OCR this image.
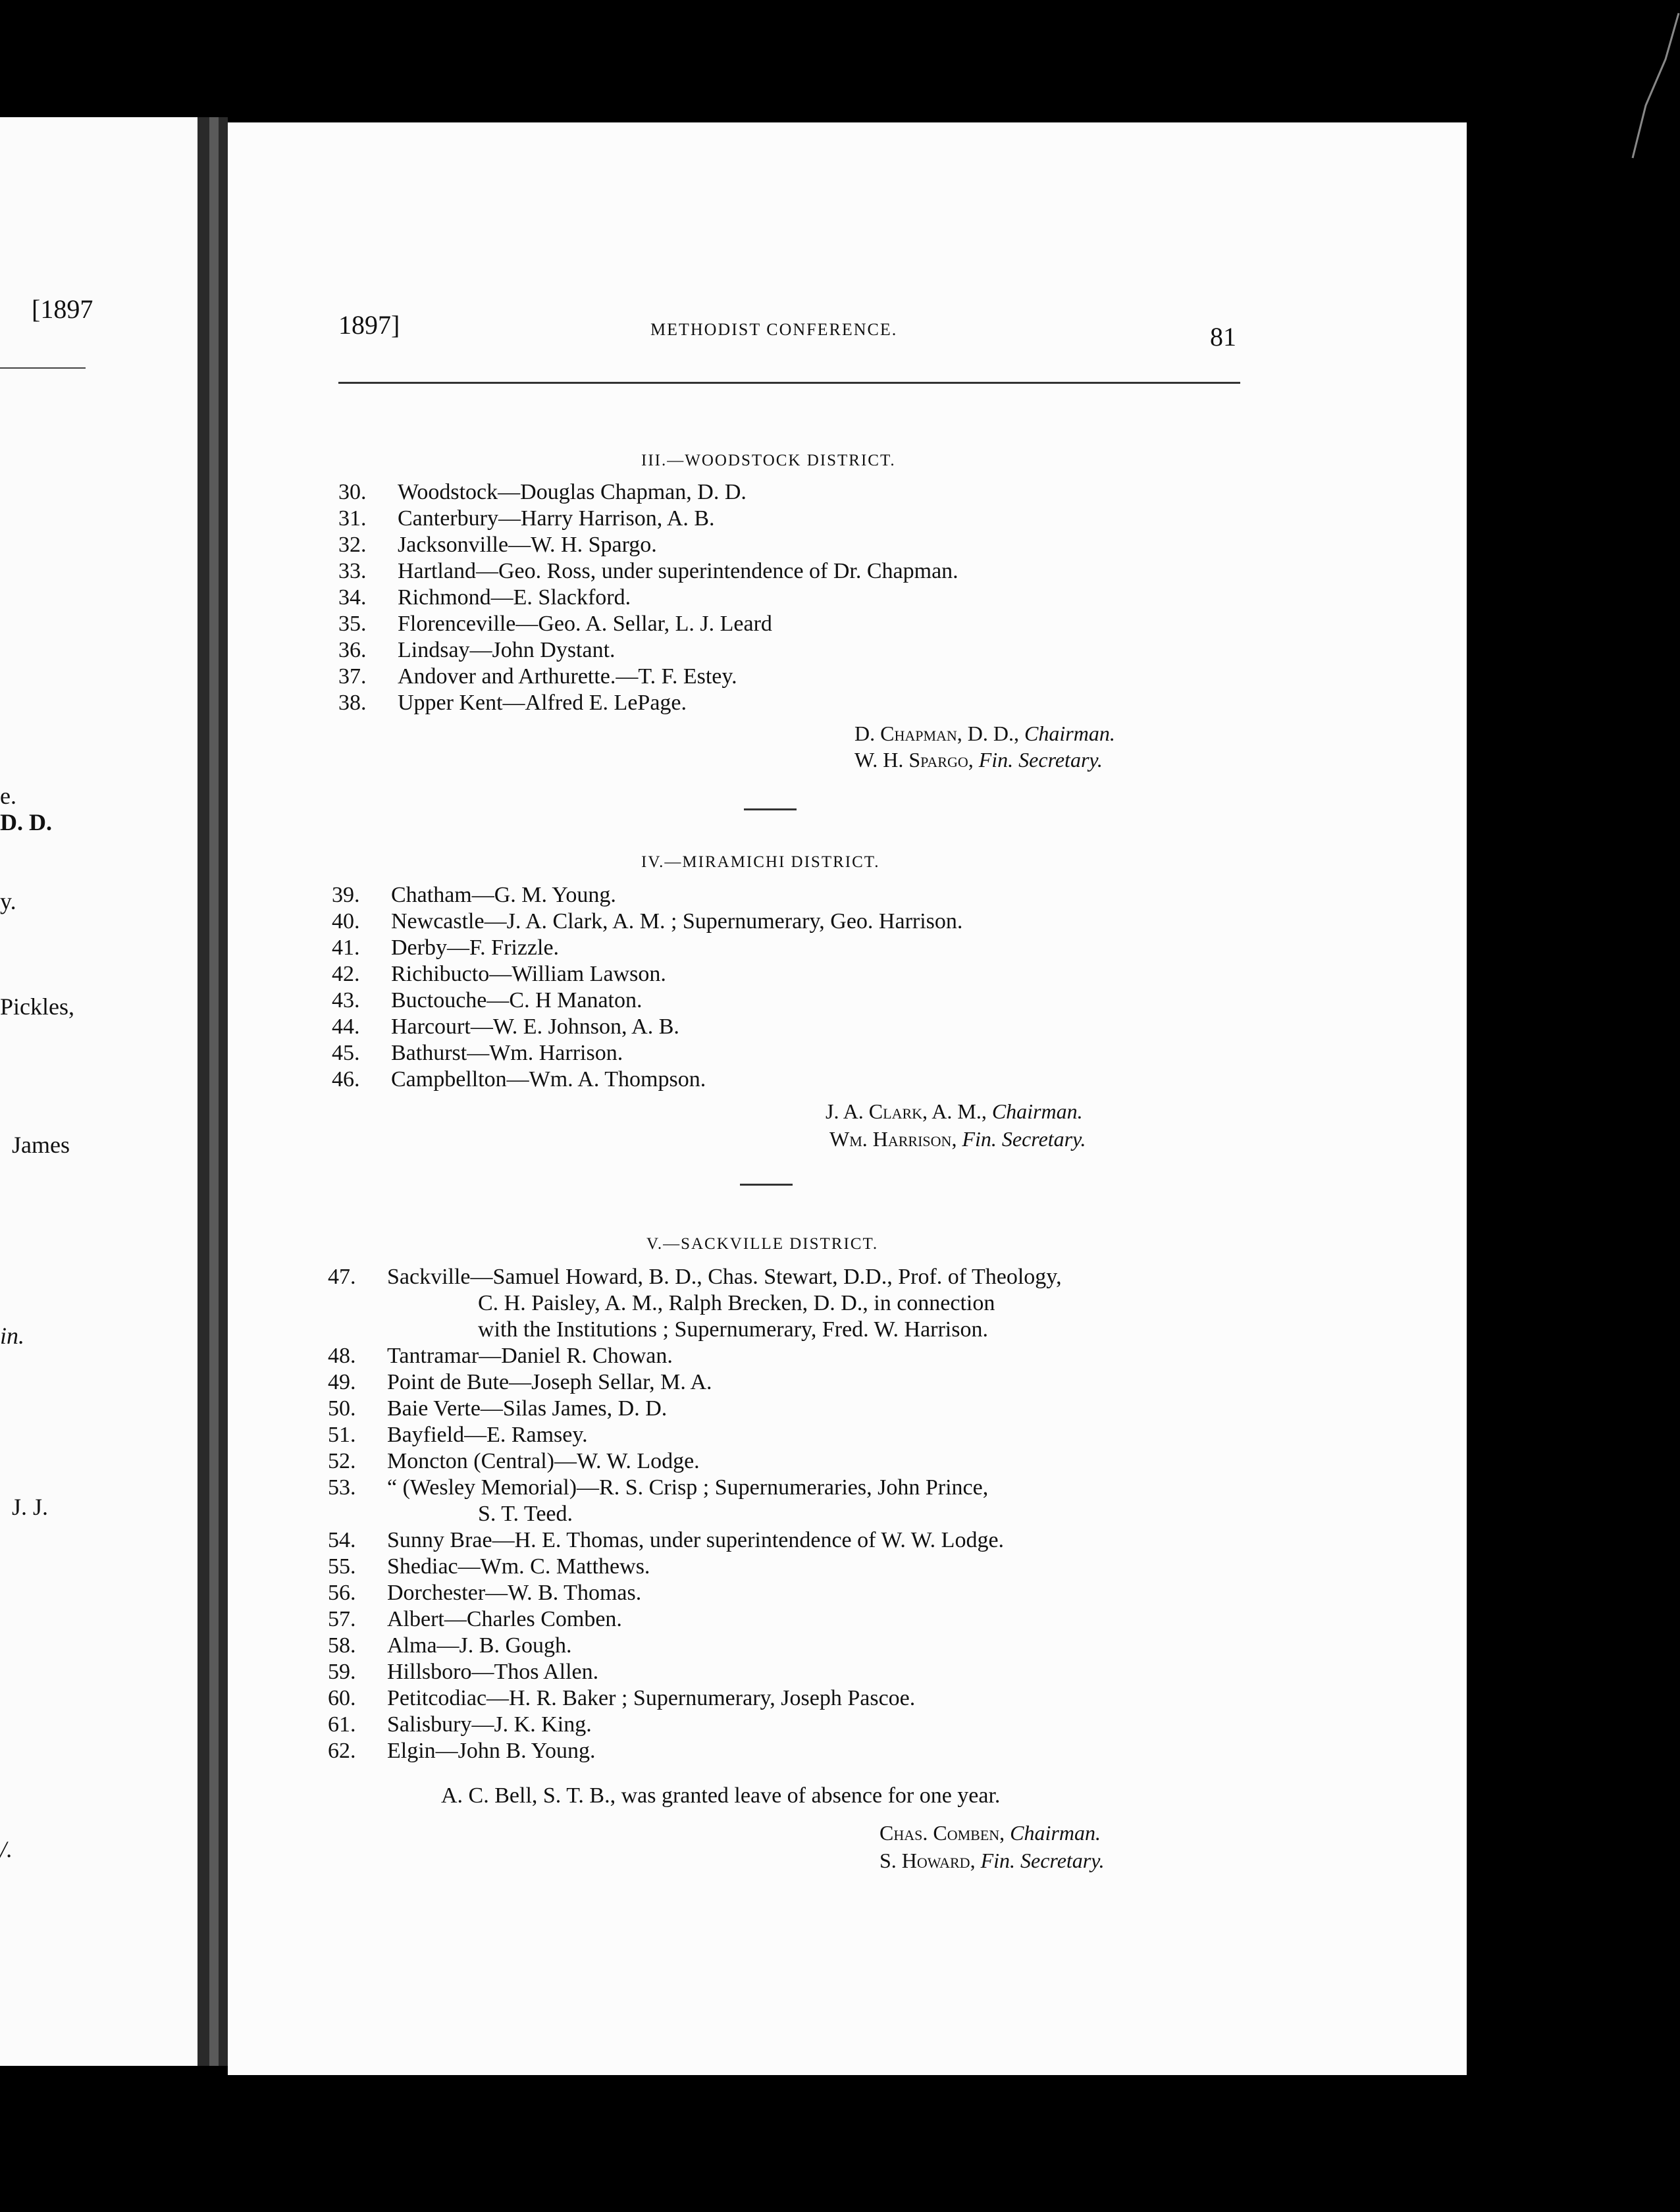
[1897
e.
D. D.
y.
Pickles,
James
in.
J. J.
/.
1897]	METHODIST CONFERENCE.	81
III.—WOODSTOCK DISTRICT.
30. Woodstock—Douglas Chapman, D. D.
31. Canterbury—Harry Harrison, A. B.
32. Jacksonville—W. H. Spargo.
33. Hartland—Geo. Ross, under superintendence of Dr. Chapman.
34. Richmond—E. Slackford.
35. Florenceville—Geo. A. Sellar, L. J. Leard
36. Lindsay—John Dystant.
37. Andover and Arthurette.—T. F. Estey.
38. Upper Kent—Alfred E. LePage.
D. Chapman, D. D., Chairman.
W. H. Spargo, Fin. Secretary.
IV.—MIRAMICHI DISTRICT.
39. Chatham—G. M. Young.
40. Newcastle—J. A. Clark, A. M. ; Supernumerary, Geo. Harrison.
41. Derby—F. Frizzle.
42. Richibucto—William Lawson.
43. Buctouche—C. H Manaton.
44. Harcourt—W. E. Johnson, A. B.
45. Bathurst—Wm. Harrison.
46. Campbellton—Wm. A. Thompson.
J. A. Clark, A. M., Chairman.
Wm. Harrison, Fin. Secretary.
V.—SACKVILLE DISTRICT.
47. Sackville—Samuel Howard, B. D., Chas. Stewart, D.D., Prof. of Theology,
C. H. Paisley, A. M., Ralph Brecken, D. D., in connection
with the Institutions ; Supernumerary, Fred. W. Harrison.
48. Tantramar—Daniel R. Chowan.
49. Point de Bute—Joseph Sellar, M. A.
50. Baie Verte—Silas James, D. D.
51. Bayfield—E. Ramsey.
52. Moncton (Central)—W. W. Lodge.
53. “ (Wesley Memorial)—R. S. Crisp ; Supernumeraries, John Prince,
S. T. Teed.
54. Sunny Brae—H. E. Thomas, under superintendence of W. W. Lodge.
55. Shediac—Wm. C. Matthews.
56. Dorchester—W. B. Thomas.
57. Albert—Charles Comben.
58. Alma—J. B. Gough.
59. Hillsboro—Thos Allen.
60. Petitcodiac—H. R. Baker ; Supernumerary, Joseph Pascoe.
61. Salisbury—J. K. King.
62. Elgin—John B. Young.
A. C. Bell, S. T. B., was granted leave of absence for one year.
Chas. Comben, Chairman.
S. Howard, Fin. Secretary.
